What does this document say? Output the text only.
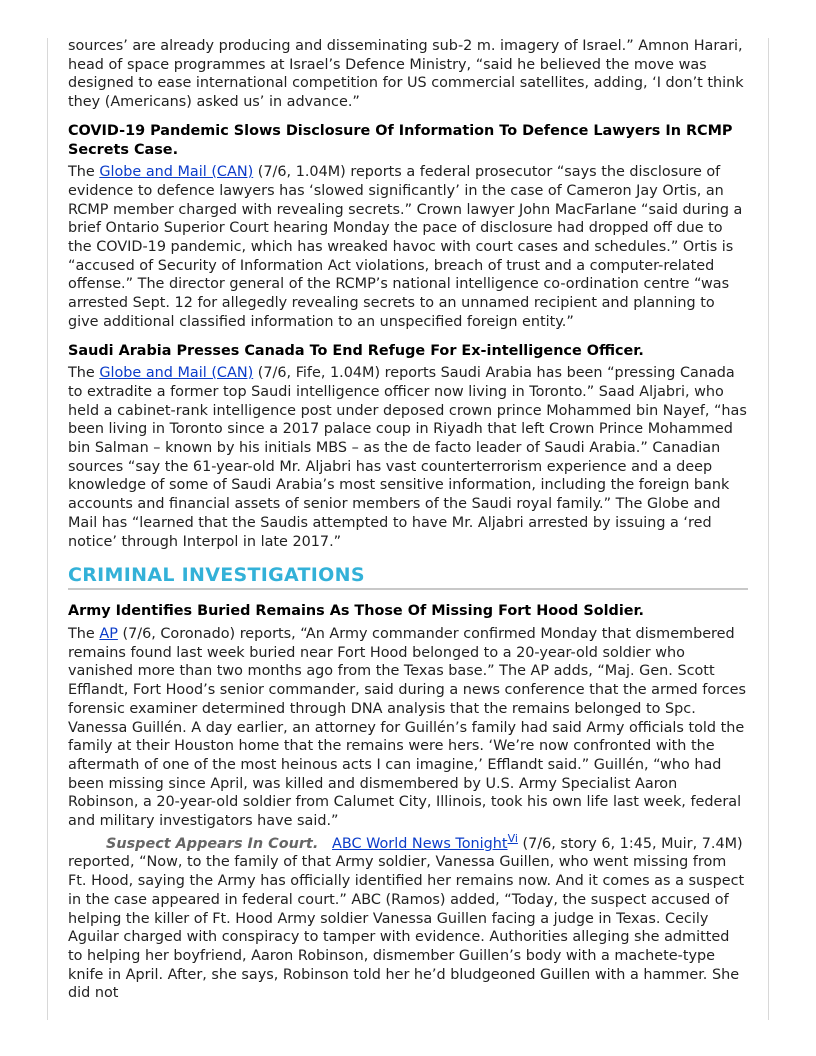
sources’ are already producing and disseminating sub-2 m. imagery of Israel.” Amnon Harari, head of space programmes at Israel’s Defence Ministry, “said he believed the move was designed to ease international competition for US commercial satellites, adding, ‘I don’t think they (Americans) asked us’ in advance.”

COVID-19 Pandemic Slows Disclosure Of Information To Defence Lawyers In RCMP Secrets Case.

The Globe and Mail (CAN) (7/6, 1.04M) reports a federal prosecutor “says the disclosure of evidence to defence lawyers has ‘slowed significantly’ in the case of Cameron Jay Ortis, an RCMP member charged with revealing secrets.” Crown lawyer John MacFarlane “said during a brief Ontario Superior Court hearing Monday the pace of disclosure had dropped off due to the COVID-19 pandemic, which has wreaked havoc with court cases and schedules.” Ortis is “accused of Security of Information Act violations, breach of trust and a computer-related offense.” The director general of the RCMP’s national intelligence co-ordination centre “was arrested Sept. 12 for allegedly revealing secrets to an unnamed recipient and planning to give additional classified information to an unspecified foreign entity.”

Saudi Arabia Presses Canada To End Refuge For Ex-intelligence Officer.

The Globe and Mail (CAN) (7/6, Fife, 1.04M) reports Saudi Arabia has been “pressing Canada to extradite a former top Saudi intelligence officer now living in Toronto.” Saad Aljabri, who held a cabinet-rank intelligence post under deposed crown prince Mohammed bin Nayef, “has been living in Toronto since a 2017 palace coup in Riyadh that left Crown Prince Mohammed bin Salman – known by his initials MBS – as the de facto leader of Saudi Arabia.” Canadian sources “say the 61-year-old Mr. Aljabri has vast counterterrorism experience and a deep knowledge of some of Saudi Arabia’s most sensitive information, including the foreign bank accounts and financial assets of senior members of the Saudi royal family.” The Globe and Mail has “learned that the Saudis attempted to have Mr. Aljabri arrested by issuing a ‘red notice’ through Interpol in late 2017.”

CRIMINAL INVESTIGATIONS

Army Identifies Buried Remains As Those Of Missing Fort Hood Soldier.

The AP (7/6, Coronado) reports, “An Army commander confirmed Monday that dismembered remains found last week buried near Fort Hood belonged to a 20-year-old soldier who vanished more than two months ago from the Texas base.” The AP adds, “Maj. Gen. Scott Efflandt, Fort Hood’s senior commander, said during a news conference that the armed forces forensic examiner determined through DNA analysis that the remains belonged to Spc. Vanessa Guillén. A day earlier, an attorney for Guillén’s family had said Army officials told the family at their Houston home that the remains were hers. ‘We’re now confronted with the aftermath of one of the most heinous acts I can imagine,’ Efflandt said.” Guillén, “who had been missing since April, was killed and dismembered by U.S. Army Specialist Aaron Robinson, a 20-year-old soldier from Calumet City, Illinois, took his own life last week, federal and military investigators have said.”

Suspect Appears In Court. ABC World News Tonight$^{Vi}$ (7/6, story 6, 1:45, Muir, 7.4M) reported, “Now, to the family of that Army soldier, Vanessa Guillen, who went missing from Ft. Hood, saying the Army has officially identified her remains now. And it comes as a suspect in the case appeared in federal court.” ABC (Ramos) added, “Today, the suspect accused of helping the killer of Ft. Hood Army soldier Vanessa Guillen facing a judge in Texas. Cecily Aguilar charged with conspiracy to tamper with evidence. Authorities alleging she admitted to helping her boyfriend, Aaron Robinson, dismember Guillen’s body with a machete-type knife in April. After, she says, Robinson told her he’d bludgeoned Guillen with a hammer. She did not
